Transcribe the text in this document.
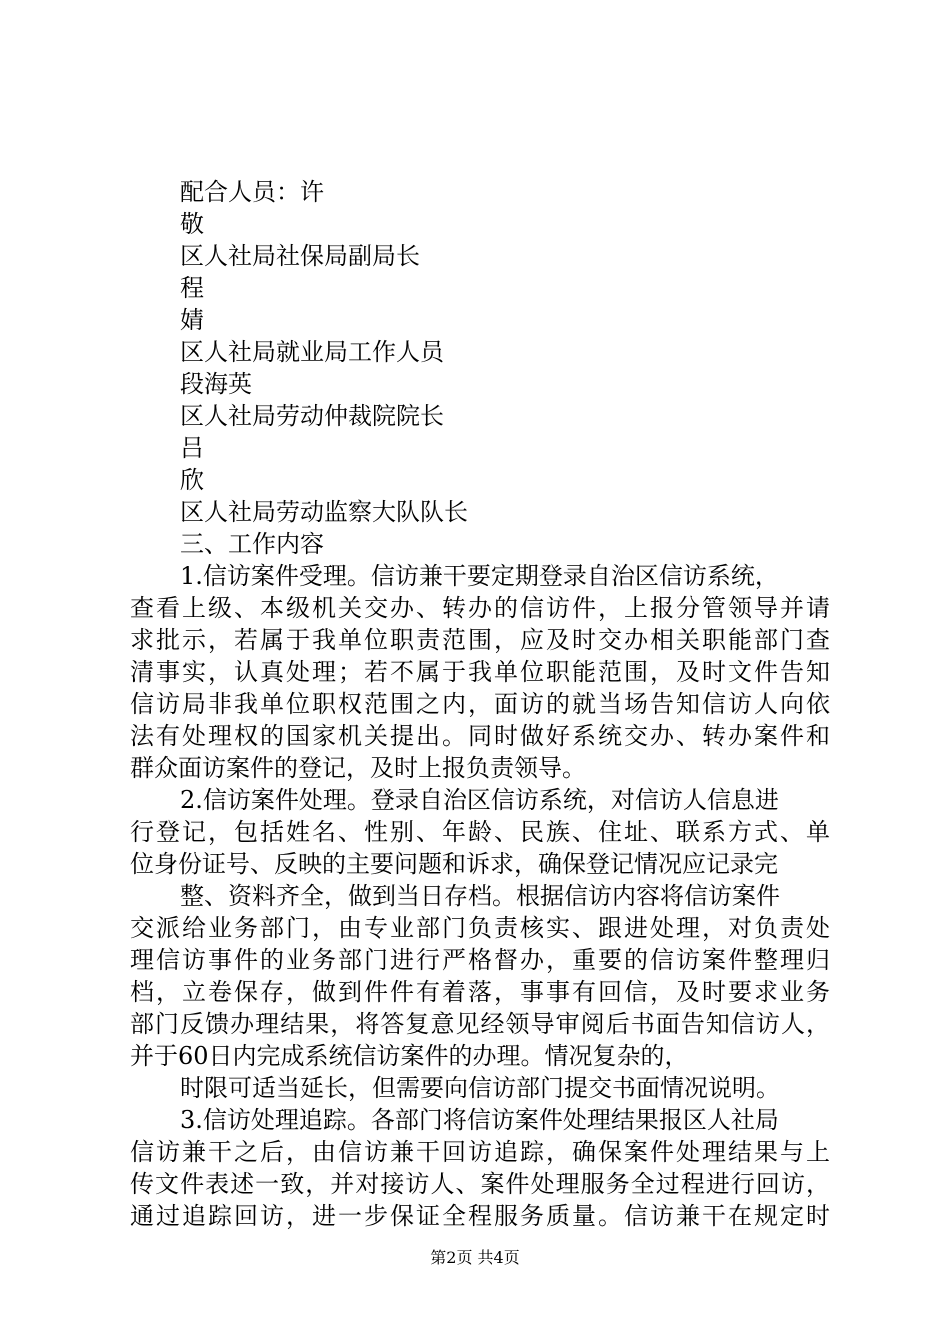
配合人员：许
敬
区人社局社保局副局长
程
婧
区人社局就业局工作人员
段海英
区人社局劳动仲裁院院长
吕
欣
区人社局劳动监察大队队长
三、工作内容
1.信访案件受理。信访兼干要定期登录自治区信访系统，
查看上级、本级机关交办、转办的信访件，上报分管领导并请
求批示，若属于我单位职责范围，应及时交办相关职能部门查
清事实，认真处理；若不属于我单位职能范围，及时文件告知
信访局非我单位职权范围之内，面访的就当场告知信访人向依
法有处理权的国家机关提出。同时做好系统交办、转办案件和
群众面访案件的登记，及时上报负责领导。
2.信访案件处理。登录自治区信访系统，对信访人信息进
行登记，包括姓名、性别、年龄、民族、住址、联系方式、单
位身份证号、反映的主要问题和诉求，确保登记情况应记录完
整、资料齐全，做到当日存档。根据信访内容将信访案件
交派给业务部门，由专业部门负责核实、跟进处理，对负责处
理信访事件的业务部门进行严格督办，重要的信访案件整理归
档，立卷保存，做到件件有着落，事事有回信，及时要求业务
部门反馈办理结果，将答复意见经领导审阅后书面告知信访人，
并于60日内完成系统信访案件的办理。情况复杂的，
时限可适当延长，但需要向信访部门提交书面情况说明。
3.信访处理追踪。各部门将信访案件处理结果报区人社局
信访兼干之后，由信访兼干回访追踪，确保案件处理结果与上
传文件表述一致，并对接访人、案件处理服务全过程进行回访，
通过追踪回访，进一步保证全程服务质量。信访兼干在规定时
第2页 共4页
